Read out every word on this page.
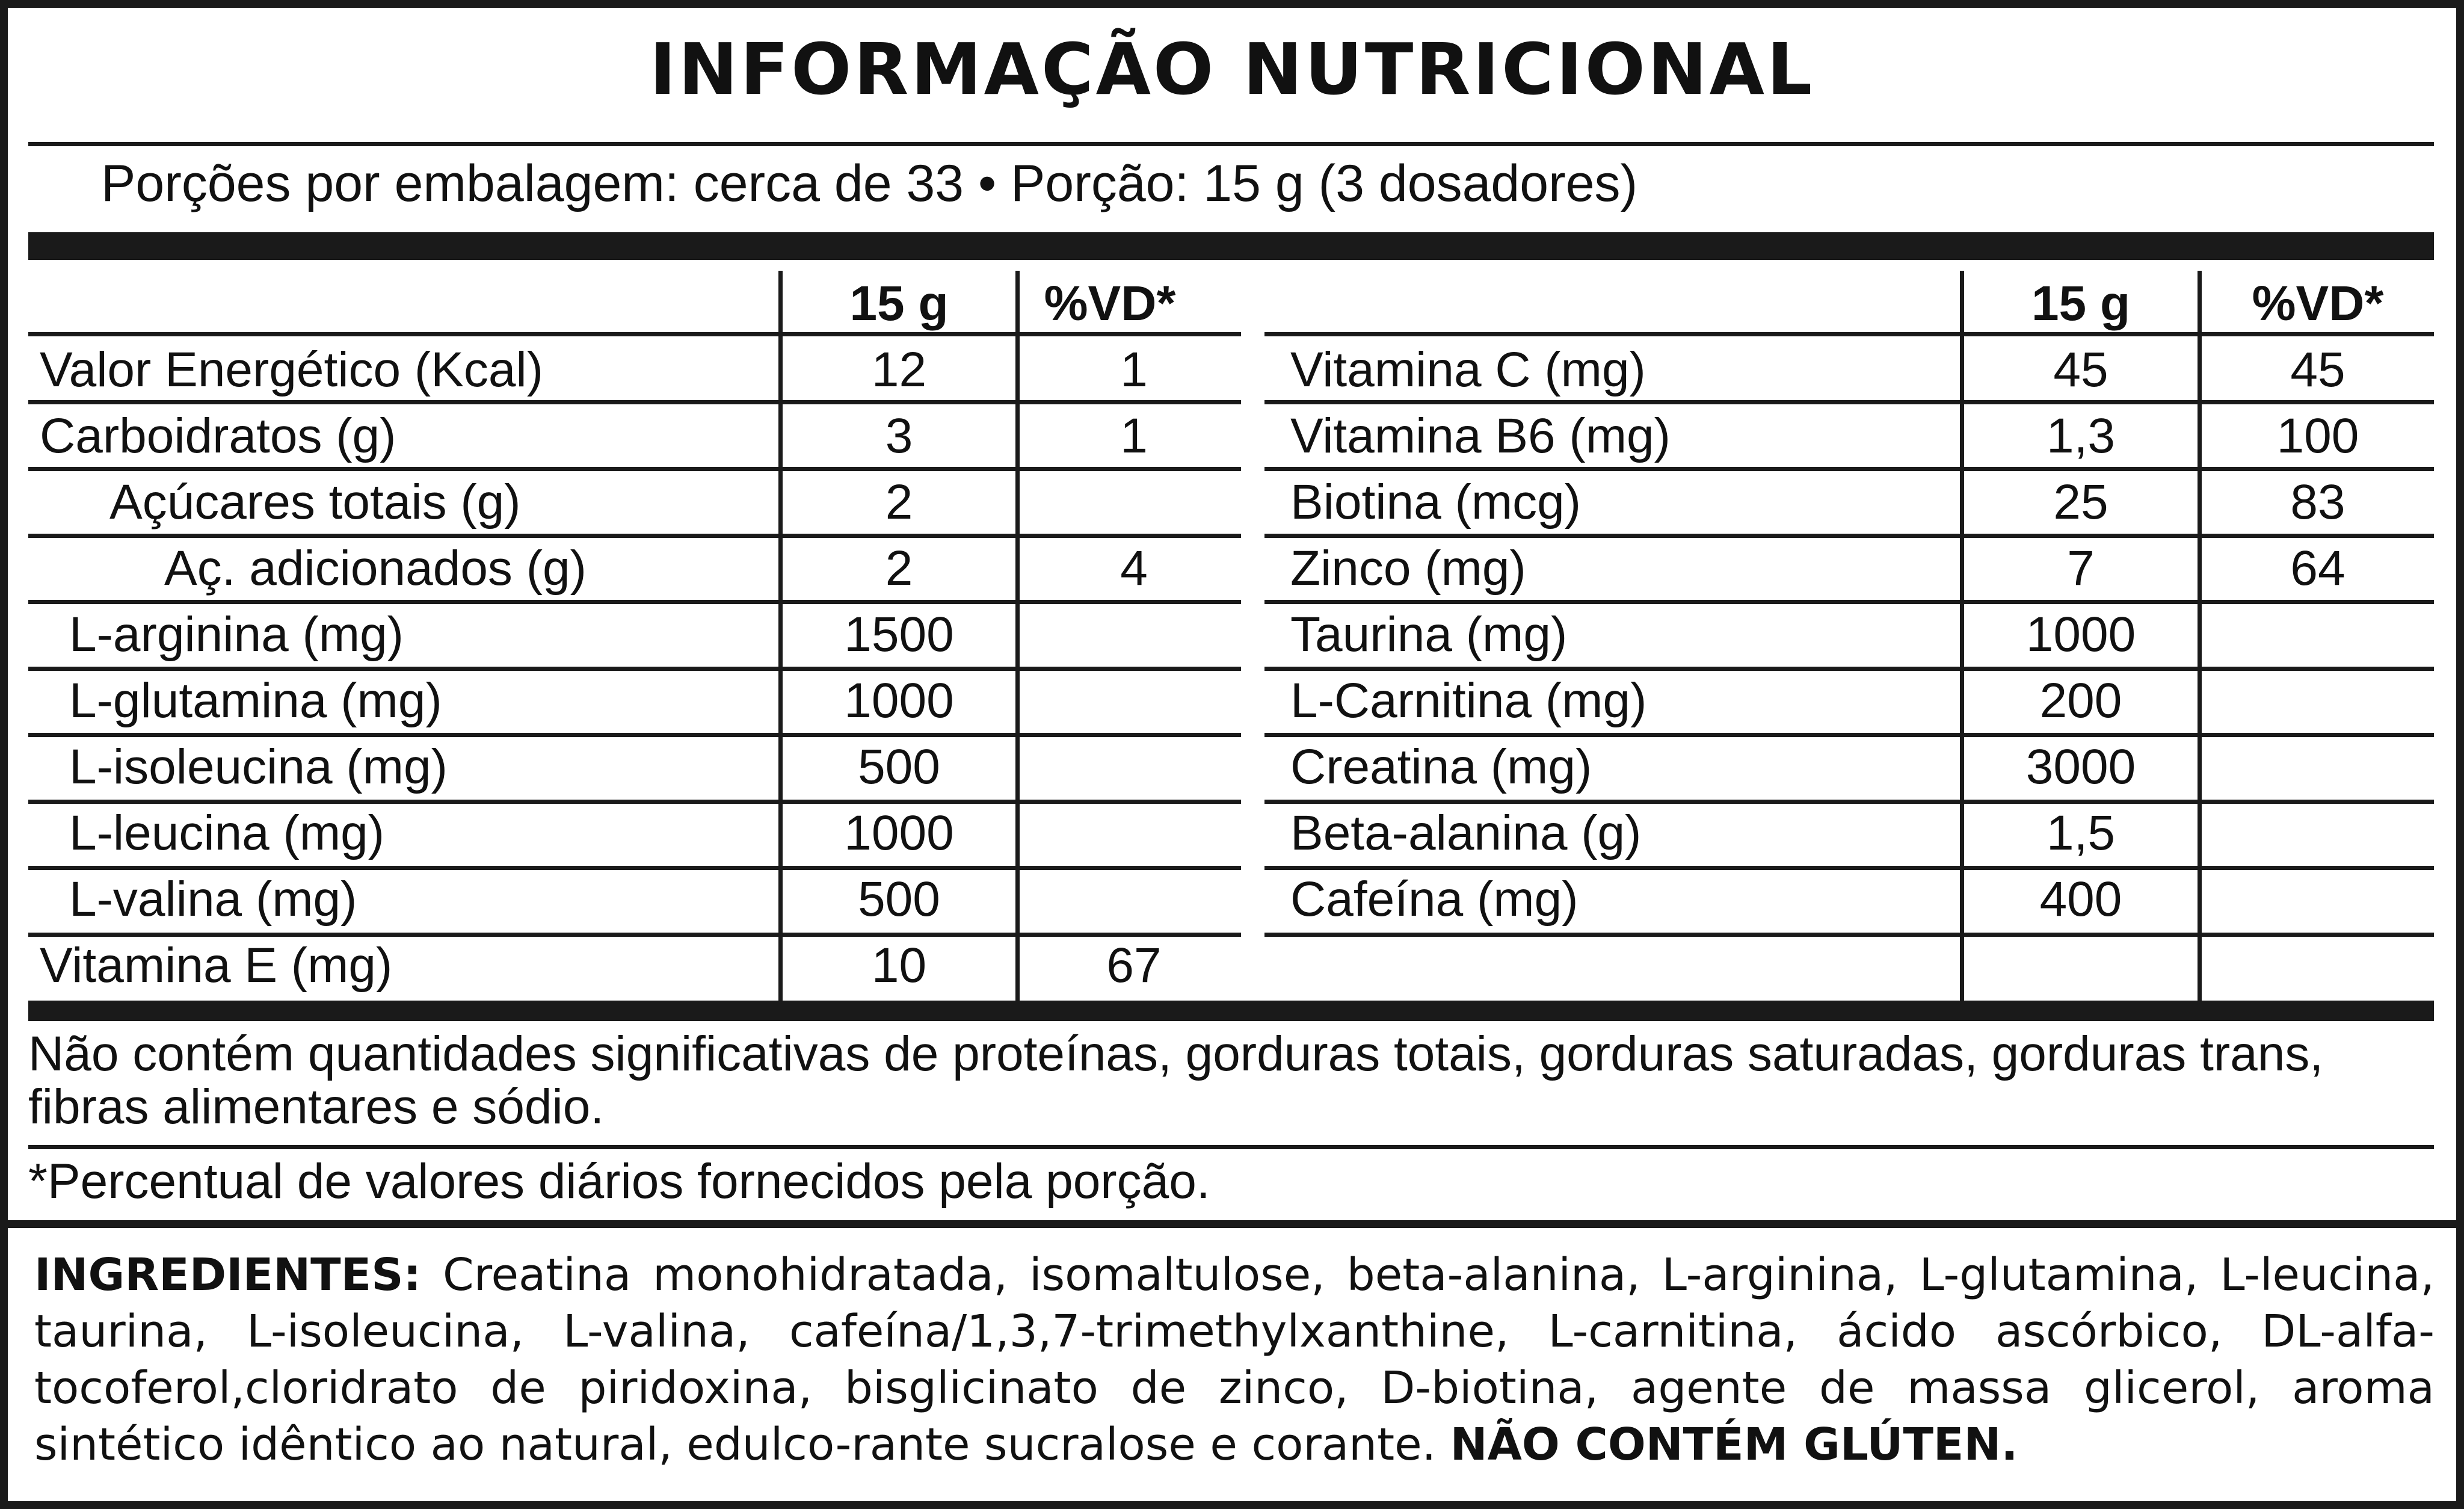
INFORMAÇÃO NUTRICIONAL
Porções por embalagem: cerca de 33 • Porção: 15 g (3 dosadores)
15 g	%VD*	15 g	%VD*
Valor Energético (Kcal)	12	1
Carboidratos (g)	3	1
Açúcares totais (g)	2
Aç. adicionados (g)	2	4
L-arginina (mg)	1500
L-glutamina (mg)	1000
L-isoleucina (mg)	500
L-leucina (mg)	1000
L-valina (mg)	500
Vitamina E (mg)	10	67
Vitamina C (mg)	45	45
Vitamina B6 (mg)	1,3	100
Biotina (mcg)	25	83
Zinco (mg)	7	64
Taurina (mg)	1000
L-Carnitina (mg)	200
Creatina (mg)	3000
Beta-alanina (g)	1,5
Cafeína (mg)	400
Não contém quantidades significativas de proteínas, gorduras totais, gorduras saturadas, gorduras trans, fibras alimentares e sódio.
*Percentual de valores diários fornecidos pela porção.
INGREDIENTES: Creatina monohidratada, isomaltulose, beta-alanina, L-arginina, L-glutamina, L-leucina, taurina, L-isoleucina, L-valina, cafeína/1,3,7-trimethylxanthine, L-carnitina, ácido ascórbico, DL-alfa-tocoferol,cloridrato de piridoxina, bisglicinato de zinco, D-biotina, agente de massa glicerol, aroma sintético idêntico ao natural, edulco-rante sucralose e corante. NÃO CONTÉM GLÚTEN.
